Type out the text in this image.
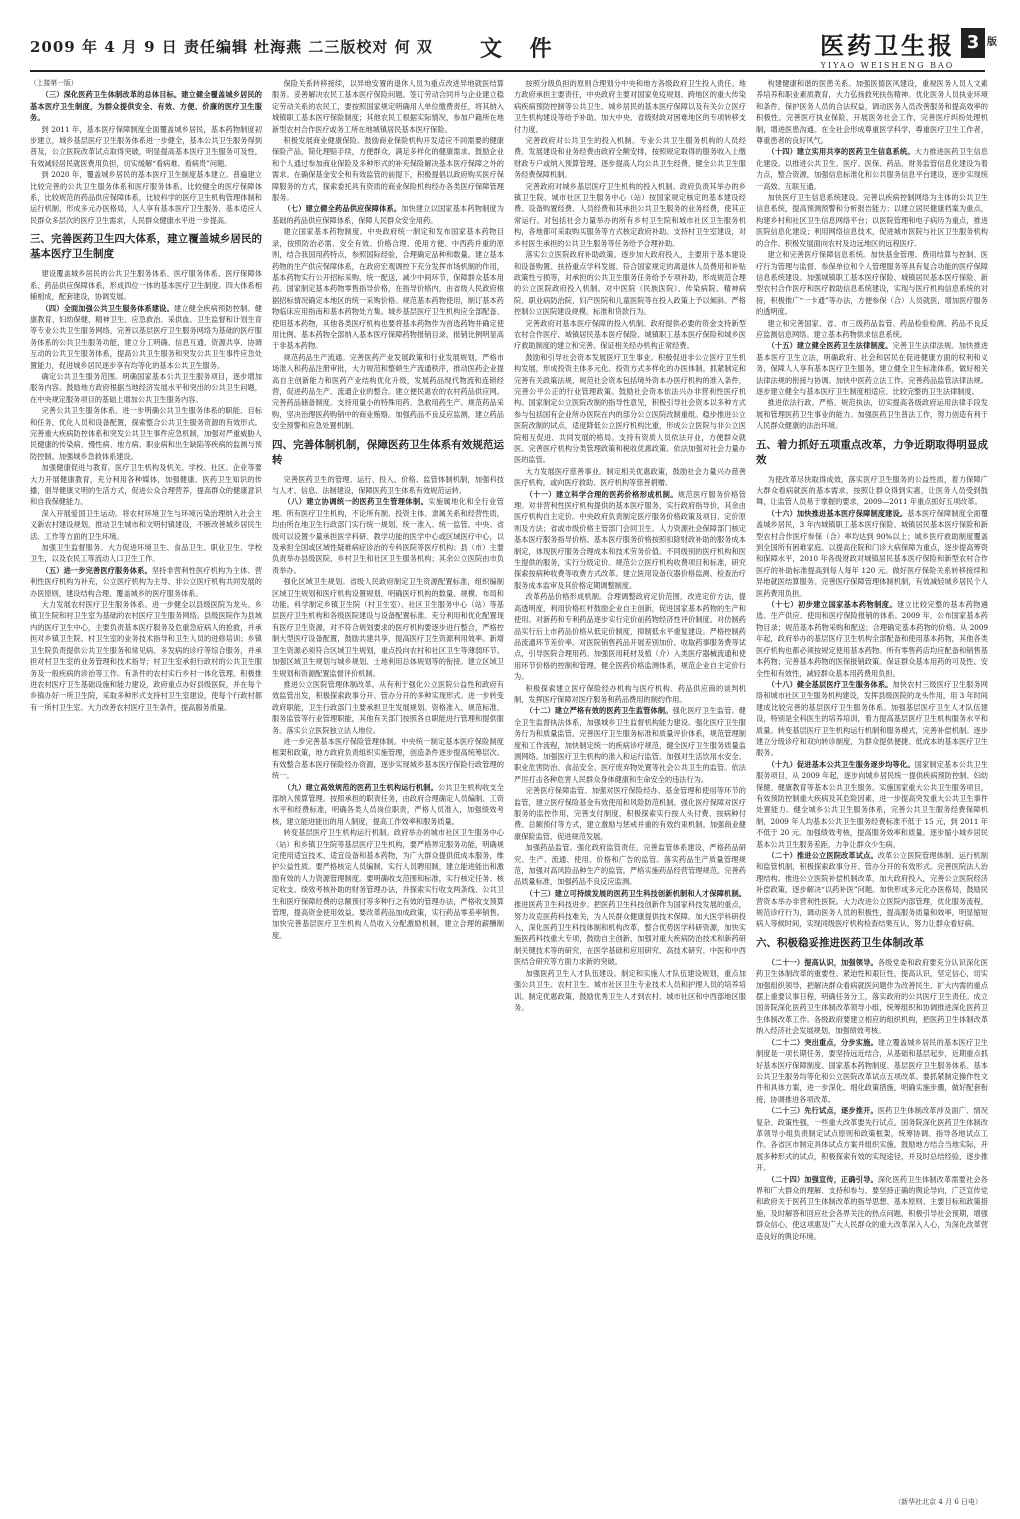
2009 年 4 月 9 日 责任编辑 杜海燕 二三版校对 何 双 文 件	医药卫生报
YIYAO WEISHENG BAO
3 版

（上接第一版）

（三）深化医药卫生体制改革的总体目标。建立健全覆盖城乡居民的基本医疗卫生制度，为群众提供安全、有效、方便、价廉的医疗卫生服务。

到 2011 年，基本医疗保障制度全面覆盖城乡居民，基本药物制度初步建立，城乡基层医疗卫生服务体系进一步健全，基本公共卫生服务得到普及，公立医院改革试点取得突破，明显提高基本医疗卫生服务可及性，有效减轻居民就医费用负担，切实缓解“看病难、看病贵”问题。

到 2020 年，覆盖城乡居民的基本医疗卫生制度基本建立。普遍建立比较完善的公共卫生服务体系和医疗服务体系，比较健全的医疗保障体系，比较规范的药品供应保障体系，比较科学的医疗卫生机构管理体制和运行机制，形成多元办医格局，人人享有基本医疗卫生服务，基本适应人民群众多层次的医疗卫生需求，人民群众健康水平进一步提高。

三、完善医药卫生四大体系，建立覆盖城乡居民的基本医疗卫生制度

建设覆盖城乡居民的公共卫生服务体系、医疗服务体系、医疗保障体系、药品供应保障体系，形成四位一体的基本医疗卫生制度。四大体系相辅相成，配套建设，协调发展。

（四）全面加强公共卫生服务体系建设。建立健全疾病预防控制、健康教育、妇幼保健、精神卫生、应急救治、采供血、卫生监督和计划生育等专业公共卫生服务网络，完善以基层医疗卫生服务网络为基础的医疗服务体系的公共卫生服务功能，建立分工明确、信息互通、资源共享、协调互动的公共卫生服务体系，提高公共卫生服务和突发公共卫生事件应急处置能力，促进城乡居民逐步享有均等化的基本公共卫生服务。

确定公共卫生服务范围。明确国家基本公共卫生服务项目，逐步增加服务内容。鼓励地方政府根据当地经济发展水平和突出的公共卫生问题，在中央规定服务项目的基础上增加公共卫生服务内容。

完善公共卫生服务体系。进一步明确公共卫生服务体系的职能、目标和任务，优化人员和设备配置，探索整合公共卫生服务资源的有效形式。完善重大疾病防控体系和突发公共卫生事件应急机制，加强对严重威胁人民健康的传染病、慢性病、地方病、职业病和出生缺陷等疾病的监测与预防控制。加强城乡急救体系建设。

加强健康促进与教育。医疗卫生机构及机关、学校、社区、企业等要大力开展健康教育，充分利用各种媒体，加强健康、医药卫生知识的传播，倡导健康文明的生活方式，促进公众合理营养，提高群众的健康意识和自我保健能力。

深入开展爱国卫生运动。将农村环境卫生与环境污染治理纳入社会主义新农村建设规划，推动卫生城市和文明村镇建设，不断改善城乡居民生活、工作等方面的卫生环境。

加强卫生监督服务。大力促进环境卫生、食品卫生、职业卫生、学校卫生，以及农民工等流动人口卫生工作。

（五）进一步完善医疗服务体系。坚持非营利性医疗机构为主体、营利性医疗机构为补充，公立医疗机构为主导、非公立医疗机构共同发展的办医原则，建设结构合理、覆盖城乡的医疗服务体系。

大力发展农村医疗卫生服务体系。进一步健全以县级医院为龙头、乡镇卫生院和村卫生室为基础的农村医疗卫生服务网络。县级医院作为县域内的医疗卫生中心，主要负责基本医疗服务及危重急症病人的抢救，并承担对乡镇卫生院、村卫生室的业务技术指导和卫生人员的进修培训；乡镇卫生院负责提供公共卫生服务和常见病、多发病的诊疗等综合服务，并承担对村卫生室的业务管理和技术指导；村卫生室承担行政村的公共卫生服务及一般疾病的诊治等工作。有条件的农村实行乡村一体化管理。积极推进农村医疗卫生基础设施和能力建设，政府重点办好县级医院，并在每个乡镇办好一所卫生院，采取多种形式支持村卫生室建设，使每个行政村都有一所村卫生室。大力改善农村医疗卫生条件，提高服务质量。

保险关系转移接续，以异地安置的退休人员为重点改进异地就医结算服务。妥善解决农民工基本医疗保险问题。签订劳动合同并与企业建立稳定劳动关系的农民工，要按照国家规定明确用人单位缴费责任，将其纳入城镇职工基本医疗保险制度；其他农民工根据实际情况，参加户籍所在地新型农村合作医疗或务工所在地城镇居民基本医疗保险。

积极发展商业健康保险。鼓励商业保险机构开发适应不同需要的健康保险产品，简化理赔手续，方便群众，满足多样化的健康需求。鼓励企业和个人通过参加商业保险及多种形式的补充保险解决基本医疗保障之外的需求。在确保基金安全和有效监管的前提下，积极提倡以政府购买医疗保障服务的方式，探索委托具有资质的商业保险机构经办各类医疗保障管理服务。

（七）建立健全药品供应保障体系。加快建立以国家基本药物制度为基础的药品供应保障体系，保障人民群众安全用药。

建立国家基本药物制度。中央政府统一制定和发布国家基本药物目录，按照防治必需、安全有效、价格合理、使用方便、中西药并重的原则，结合我国用药特点，参照国际经验，合理确定品种和数量。建立基本药物的生产供应保障体系，在政府宏观调控下充分发挥市场机制的作用，基本药物实行公开招标采购，统一配送，减少中间环节，保障群众基本用药。国家制定基本药物零售指导价格，在指导价格内，由省级人民政府根据招标情况确定本地区的统一采购价格。规范基本药物使用，制订基本药物临床应用指南和基本药物处方集。城乡基层医疗卫生机构应全部配备、使用基本药物，其他各类医疗机构也要将基本药物作为首选药物并确定使用比例。基本药物全部纳入基本医疗保障药物报销目录，报销比例明显高于非基本药物。

规范药品生产流通。完善医药产业发展政策和行业发展规划，严格市场准入和药品注册审批，大力规范和整顿生产流通秩序，推动医药企业提高自主创新能力和医药产业结构优化升级，发展药品现代物流和连锁经营，促进药品生产、流通企业的整合。建立便民惠农的农村药品供应网。完善药品储备制度。支持用量小的特殊用药、急救用药生产。规范药品采购，坚决治理医药购销中的商业贿赂。加强药品不良反应监测，建立药品安全预警和应急处置机制。

四、完善体制机制，保障医药卫生体系有效规范运转

完善医药卫生的管理、运行、投入、价格、监管体制机制，加强科技与人才、信息、法制建设，保障医药卫生体系有效规范运转。

（八）建立协调统一的医药卫生管理体制。实施属地化和全行业管理。所有医疗卫生机构，不论所有制、投资主体、隶属关系和经营性质，均由所在地卫生行政部门实行统一规划、统一准入、统一监管。中央、省级可以设置少量承担医学科研、教学功能的医学中心或区域医疗中心，以及承担全国或区域性疑难病症诊治的专科医院等医疗机构；县（市）主要负责举办县级医院、乡村卫生和社区卫生服务机构；其余公立医院由市负责举办。

强化区域卫生规划。省级人民政府制定卫生资源配置标准，组织编制区域卫生规划和医疗机构设置规划，明确医疗机构的数量、规模、布局和功能。科学制定乡镇卫生院（村卫生室）、社区卫生服务中心（站）等基层医疗卫生机构和各级医院建设与设备配置标准。充分利用和优化配置现有医疗卫生资源，对不符合规划要求的医疗机构要逐步进行整合，严格控制大型医疗设备配置，鼓励共建共享，提高医疗卫生资源利用效率。新增卫生资源必须符合区域卫生规划，重点投向农村和社区卫生等薄弱环节。加强区域卫生规划与城乡规划、土地利用总体规划等的衔接。建立区域卫生规划和资源配置监督评价机制。

推进公立医院管理体制改革。从有利于强化公立医院公益性和政府有效监管出发，积极探索政事分开、管办分开的多种实现形式。进一步转变政府职能，卫生行政部门主要承担卫生发展规划、资格准入、规范标准、服务监管等行业管理职能，其他有关部门按照各自职能进行管理和提供服务。落实公立医院独立法人地位。

进一步完善基本医疗保险管理体制。中央统一制定基本医疗保险制度框架和政策，地方政府负责组织实施管理，创造条件逐步提高统筹层次。有效整合基本医疗保险经办资源，逐步实现城乡基本医疗保险行政管理的统一。

（九）建立高效规范的医药卫生机构运行机制。公共卫生机构收支全部纳入预算管理。按照承担的职责任务，由政府合理确定人员编制、工资水平和经费标准，明确各类人员岗位职责，严格人员准入，加强绩效考核，建立能进能出的用人制度，提高工作效率和服务质量。

转变基层医疗卫生机构运行机制。政府举办的城市社区卫生服务中心（站）和乡镇卫生院等基层医疗卫生机构，要严格界定服务功能，明确规定使用适宜技术、适宜设备和基本药物，为广大群众提供低成本服务，维护公益性质。要严格核定人员编制，实行人员聘用制，建立能进能出和激励有效的人力资源管理制度。要明确收支范围和标准，实行核定任务、核定收支、绩效考核补助的财务管理办法，并探索实行收支两条线、公共卫生和医疗保障经费的总额预付等多种行之有效的管理办法，严格收支预算管理，提高资金使用效益。要改革药品加成政策，实行药品零差率销售。加快完善基层医疗卫生机构人员收入分配激励机制，建立合理的薪酬制度。

按照分级负担的原则合理划分中央和地方各级政府卫生投入责任。地方政府承担主要责任，中央政府主要对国家免疫规划、跨地区的重大传染病疾病预防控制等公共卫生、城乡居民的基本医疗保障以及有关公立医疗卫生机构建设等给予补助。加大中央、省级财政对困难地区的专项转移支付力度。

完善政府对公共卫生的投入机制。专业公共卫生服务机构的人员经费、发展建设和业务经费由政府全额安排，按照规定取得的服务收入上缴财政专户或纳入预算管理。逐步提高人均公共卫生经费，健全公共卫生服务经费保障机制。

完善政府对城乡基层医疗卫生机构的投入机制。政府负责其举办的乡镇卫生院、城市社区卫生服务中心（站）按国家规定核定的基本建设经费、设备购置经费、人员经费和其承担公共卫生服务的业务经费，使其正常运行。对包括社会力量举办的所有乡村卫生院和城市社区卫生服务机构，各地都可采取购买服务等方式核定政府补助。支持村卫生室建设，对乡村医生承担的公共卫生服务等任务给予合理补助。

落实公立医院政府补助政策。逐步加大政府投入，主要用于基本建设和设备购置、扶持重点学科发展、符合国家规定的离退休人员费用和补贴政策性亏损等，对承担的公共卫生服务任务给予专项补助，形成规范合理的公立医院政府投入机制。对中医院（民族医院）、传染病院、精神病院、职业病防治院、妇产医院和儿童医院等在投入政策上予以倾斜。严格控制公立医院建设规模、标准和贷款行为。

完善政府对基本医疗保障的投入机制。政府提供必要的资金支持新型农村合作医疗、城镇居民基本医疗保险、城镇职工基本医疗保险和城乡医疗救助制度的建立和完善。保证相关经办机构正常经费。

鼓励和引导社会资本发展医疗卫生事业。积极促进非公立医疗卫生机构发展，形成投资主体多元化、投资方式多样化的办医体制。抓紧制定和完善有关政策法规，规范社会资本包括境外资本办医疗机构的准入条件，完善公平公正的行业管理政策。鼓励社会资本依法兴办非营利性医疗机构。国家制定公立医院改制的指导性意见，积极引导社会资本以多种方式参与包括国有企业所办医院在内的部分公立医院改制重组。稳步推进公立医院改制的试点，适度降低公立医疗机构比重，形成公立医院与非公立医院相互促进、共同发展的格局。支持有资质人员依法开业，方便群众就医。完善医疗机构分类管理政策和税收优惠政策。依法加强对社会力量办医的监管。

大力发展医疗慈善事业。制定相关优惠政策，鼓励社会力量兴办慈善医疗机构，或向医疗救助、医疗机构等慈善捐赠。

（十一）建立科学合理的医药价格形成机制。规范医疗服务价格管理。对非营利性医疗机构提供的基本医疗服务，实行政府指导价，其余由医疗机构自主定价。中央政府负责制定医疗服务价格政策及项目、定价原则及方法；省或市级价格主管部门会同卫生、人力资源社会保障部门核定基本医疗服务指导价格。基本医疗服务价格按照扣除财政补助的服务成本制定，体现医疗服务合理成本和技术劳务价值。不同级别的医疗机构和医生提供的服务，实行分级定价。规范公立医疗机构收费项目和标准，研究探索按病种收费等收费方式改革。建立医用设备仪器价格监测、检查治疗服务成本监审及其价格定期调整制度。

改革药品价格形成机制。合理调整政府定价范围，改进定价方法，提高透明度，利用价格杠杆鼓励企业自主创新，促进国家基本药物的生产和使用。对新药和专利药品逐步实行定价前药物经济性评价制度。对仿制药品实行后上市药品价格从低定价制度，抑制低水平重复建设。严格控制药品流通环节差价率。对医院销售药品开展差别加价、收取药事服务费等试点，引导医院合理用药。加强医用耗材及植（介）入类医疗器械流通和使用环节价格的控制和管理。健全医药价格监测体系，规范企业自主定价行为。

积极探索建立医疗保险经办机构与医疗机构、药品供应商的谈判机制，发挥医疗保障对医疗服务和药品费用的制约作用。

（十二）建立严格有效的医药卫生监管体制。强化医疗卫生监管。健全卫生监督执法体系，加强城乡卫生监督机构能力建设。强化医疗卫生服务行为和质量监管，完善医疗卫生服务标准和质量评价体系，规范管理制度和工作流程，加快制定统一的疾病诊疗规范，健全医疗卫生服务质量监测网络。加强医疗卫生机构的准入和运行监管。加强对生活饮用水安全、职业危害防治、食品安全、医疗废弃物处置等社会公共卫生的监管。依法严厉打击各种危害人民群众身体健康和生命安全的违法行为。

完善医疗保障监管。加强对医疗保险经办、基金管理和使用等环节的监管，建立医疗保险基金有效使用和风险防范机制。强化医疗保障对医疗服务的监控作用，完善支付制度，积极探索实行按人头付费、按病种付费、总额预付等方式，建立激励与惩戒并重的有效约束机制。加强商业健康保险监管，促进规范发展。

加强药品监管。强化政府监管责任，完善监管体系建设，严格药品研究、生产、流通、使用、价格和广告的监管。落实药品生产质量管理规范，加强对高风险品种生产的监管。严格实施药品经营管理规范。完善药品质量标准，加强药品不良反应监测。

（十三）建立可持续发展的医药卫生科技创新机制和人才保障机制。推进医药卫生科技进步。把医药卫生科技创新作为国家科技发展的重点，努力攻克医药科技难关，为人民群众健康提供技术保障。加大医学科研投入，深化医药卫生科技体制和机构改革，整合优势医学科研资源，加快实施医药科技重大专项，鼓励自主创新，加强对重大疾病防治技术和新药研制关键技术等的研究，在医学基础和应用研究、高技术研究、中医和中西医结合研究等方面力求新的突破。

加强医药卫生人才队伍建设。制定和实施人才队伍建设规划，重点加强公共卫生、农村卫生、城市社区卫生专业技术人员和护理人员的培养培训。制定优惠政策，鼓励优秀卫生人才到农村、城市社区和中西部地区服务。

构建健康和谐的医患关系。加强医德医风建设，重视医务人员人文素养培养和职业素质教育，大力弘扬救死扶伤精神。优化医务人员执业环境和条件，保护医务人员的合法权益，调动医务人员改善服务和提高效率的积极性。完善医疗执业保险，开展医务社会工作，完善医疗纠纷处理机制，增进医患沟通。在全社会形成尊重医学科学，尊重医疗卫生工作者，尊重患者的良好风气。

（十四）建立实用共享的医药卫生信息系统。大力推进医药卫生信息化建设。以推进公共卫生、医疗、医保、药品、财务监管信息化建设为着力点，整合资源，加强信息标准化和公共服务信息平台建设，逐步实现统一高效、互联互通。

加快医疗卫生信息系统建设。完善以疾病控制网络为主体的公共卫生信息系统，提高预测预警和分析报告能力；以建立居民健康档案为重点，构建乡村和社区卫生信息网络平台；以医院管理和电子病历为重点，推进医院信息化建设；利用网络信息技术，促进城市医院与社区卫生服务机构的合作。积极发展面向农村及边远地区的远程医疗。

建立和完善医疗保障信息系统。加快基金管理、费用结算与控制、医疗行为管理与监督、参保单位和个人管理服务等具有复合功能的医疗保障信息系统建设。加强城镇职工基本医疗保险、城镇居民基本医疗保险、新型农村合作医疗和医疗救助信息系统建设，实现与医疗机构信息系统的对接，积极推广“一卡通”等办法，方便参保（合）人员就医，增加医疗服务的透明度。

建立和完善国家、省、市三级药品监管、药品检验检测、药品不良反应监测信息网络。建立基本药物供求信息系统。

（十五）建立健全医药卫生法律制度。完善卫生法律法规。加快推进基本医疗卫生立法，明确政府、社会和居民在促进健康方面的权利和义务，保障人人享有基本医疗卫生服务，建立健全卫生标准体系，做好相关法律法规的衔接与协调。加快中医药立法工作。完善药品监管法律法规。逐步建立健全与基本医疗卫生制度相适应、比较完整的卫生法律制度。

推进依法行政。严格、规范执法，切实提高各级政府运用法律手段发展和管理医药卫生事业的能力。加强医药卫生普法工作，努力创造有利于人民群众健康的法治环境。

五、着力抓好五项重点改革，力争近期取得明显成效

为使改革尽快取得成效，落实医疗卫生服务的公益性质，着力保障广大群众看病就医的基本需求，按照让群众得到实惠，让医务人员受到鼓舞，让监管人员易于掌握的要求，2009—2011 年重点抓好五项改革。

（十六）加快推进基本医疗保障制度建设。基本医疗保障制度全面覆盖城乡居民，3 年内城镇职工基本医疗保险、城镇居民基本医疗保险和新型农村合作医疗参保（合）率均达到 90%以上；城乡医疗救助制度覆盖到全国所有困难家庭。以提高住院和门诊大病保障为重点，逐步提高筹资和保障水平，2010 年各级财政对城镇居民基本医疗保险和新型农村合作医疗的补助标准提高到每人每年 120 元。做好医疗保险关系转移接续和异地就医结算服务。完善医疗保障管理体制机制，有效减轻城乡居民个人医药费用负担。

（十七）初步建立国家基本药物制度。建立比较完整的基本药物遴选、生产供应、使用和医疗保险报销的体系。2009 年，公布国家基本药物目录；规范基本药物采购和配送；合理确定基本药物的价格。从 2009 年起，政府举办的基层医疗卫生机构全部配备和使用基本药物，其他各类医疗机构也都必须按规定使用基本药物。所有零售药店均应配备和销售基本药物；完善基本药物的医保报销政策。保证群众基本用药的可及性、安全性和有效性，减轻群众基本用药费用负担。

（十八）健全基层医疗卫生服务体系。加快农村三级医疗卫生服务网络和城市社区卫生服务机构建设，发挥县级医院的龙头作用，用 3 年时间建成比较完善的基层医疗卫生服务体系。加强基层医疗卫生人才队伍建设，特别是全科医生的培养培训，着力提高基层医疗卫生机构服务水平和质量。转变基层医疗卫生机构运行机制和服务模式，完善补偿机制。逐步建立分级诊疗和双向转诊制度，为群众提供便捷、低成本的基本医疗卫生服务。

（十九）促进基本公共卫生服务逐步均等化。国家制定基本公共卫生服务项目，从 2009 年起，逐步向城乡居民统一提供疾病预防控制、妇幼保健、健康教育等基本公共卫生服务。实施国家重大公共卫生服务项目，有效预防控制重大疾病及其危险因素，进一步提高突发重大公共卫生事件处置能力。健全城乡公共卫生服务体系，完善公共卫生服务经费保障机制，2009 年人均基本公共卫生服务经费标准不低于 15 元，到 2011 年不低于 20 元。加强绩效考核，提高服务效率和质量。逐步缩小城乡居民基本公共卫生服务差距，力争让群众少生病。

（二十）推进公立医院改革试点。改革公立医院管理体制、运行机制和监管机制，积极探索政事分开、管办分开的有效形式。完善医院法人治理结构。推进公立医院补偿机制改革，加大政府投入，完善公立医院经济补偿政策，逐步解决“以药补医”问题。加快形成多元化办医格局，鼓励民营资本举办非营利性医院。大力改进公立医院内部管理，优化服务流程，规范诊疗行为，调动医务人员的积极性，提高服务质量和效率，明显缩短病人等候时间，实现同级医疗机构检查结果互认，努力让群众看好病。

六、积极稳妥推进医药卫生体制改革

（二十一）提高认识，加强领导。各级党委和政府要充分认识深化医药卫生体制改革的重要性、紧迫性和艰巨性，提高认识，坚定信心，切实加强组织领导，把解决群众看病就医问题作为改善民生、扩大内需的重点摆上重要议事日程，明确任务分工，落实政府的公共医疗卫生责任。成立国务院深化医药卫生体制改革领导小组，统筹组织和协调推进深化医药卫生体制改革工作。各级政府要建立相应的组织机构，把医药卫生体制改革纳入经济社会发展规划，加强绩效考核。

（二十二）突出重点，分步实施。建立覆盖城乡居民的基本医疗卫生制度是一项长期任务，要坚持远近结合，从基础和基层起步，近期重点抓好基本医疗保障制度、国家基本药物制度、基层医疗卫生服务体系、基本公共卫生服务均等化和公立医院改革试点五项改革。要抓紧制定操作性文件和具体方案，进一步深化、细化政策措施，明确实施步骤，做好配套衔接，协调推进各项改革。

（二十三）先行试点，逐步推开。医药卫生体制改革涉及面广、情况复杂、政策性强，一些重大改革要先行试点。国务院深化医药卫生体制改革领导小组负责制定试点原则和政策框架，统筹协调、指导各地试点工作。各省区市制定具体试点方案并组织实施。鼓励地方结合当地实际，开展多种形式的试点，积极探索有效的实现途径，并及时总结经验，逐步推开。

（二十四）加强宣传，正确引导。深化医药卫生体制改革需要社会各界和广大群众的理解、支持和参与。要坚持正确的舆论导向，广泛宣传党和政府关于医药卫生体制改革的指导思想、基本原则、主要目标和政策措施，及时解答和回应社会各界关注的热点问题，积极引导社会预期，增强群众信心，使这项惠及广大人民群众的重大改革深入人心，为深化改革营造良好的舆论环境。

（新华社北京 4 月 6 日电）
